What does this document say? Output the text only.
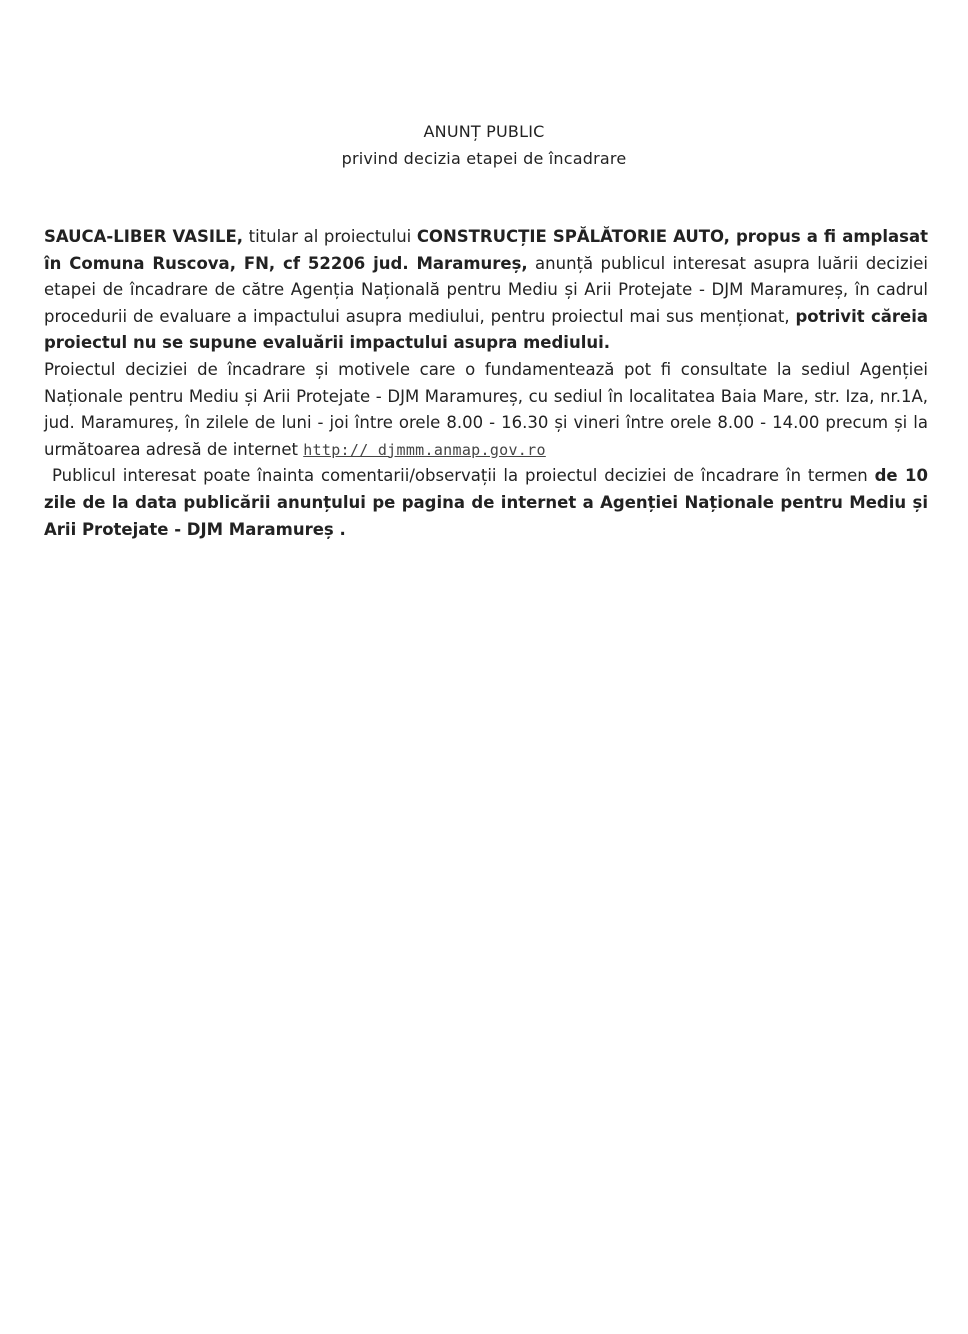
ANUNȚ PUBLIC
privind decizia etapei de încadrare

SAUCA-LIBER VASILE, titular al proiectului CONSTRUCȚIE SPĂLĂTORIE AUTO, propus a fi amplasat în Comuna Ruscova, FN, cf 52206 jud. Maramureș, anunță publicul interesat asupra luării deciziei etapei de încadrare de către Agenția Națională pentru Mediu și Arii Protejate - DJM Maramureș, în cadrul procedurii de evaluare a impactului asupra mediului, pentru proiectul mai sus menționat, potrivit căreia proiectul nu se supune evaluării impactului asupra mediului.

Proiectul deciziei de încadrare și motivele care o fundamentează pot fi consultate la sediul Agenției Naționale pentru Mediu și Arii Protejate - DJM Maramureș, cu sediul în localitatea Baia Mare, str. Iza, nr.1A, jud. Maramureș, în zilele de luni - joi între orele 8.00 - 16.30 și vineri între orele 8.00 - 14.00 precum și la următoarea adresă de internet http:// djmmm.anmap.gov.ro

Publicul interesat poate înainta comentarii/observații la proiectul deciziei de încadrare în termen de 10 zile de la data publicării anunțului pe pagina de internet a Agenției Naționale pentru Mediu și Arii Protejate - DJM Maramureș .
